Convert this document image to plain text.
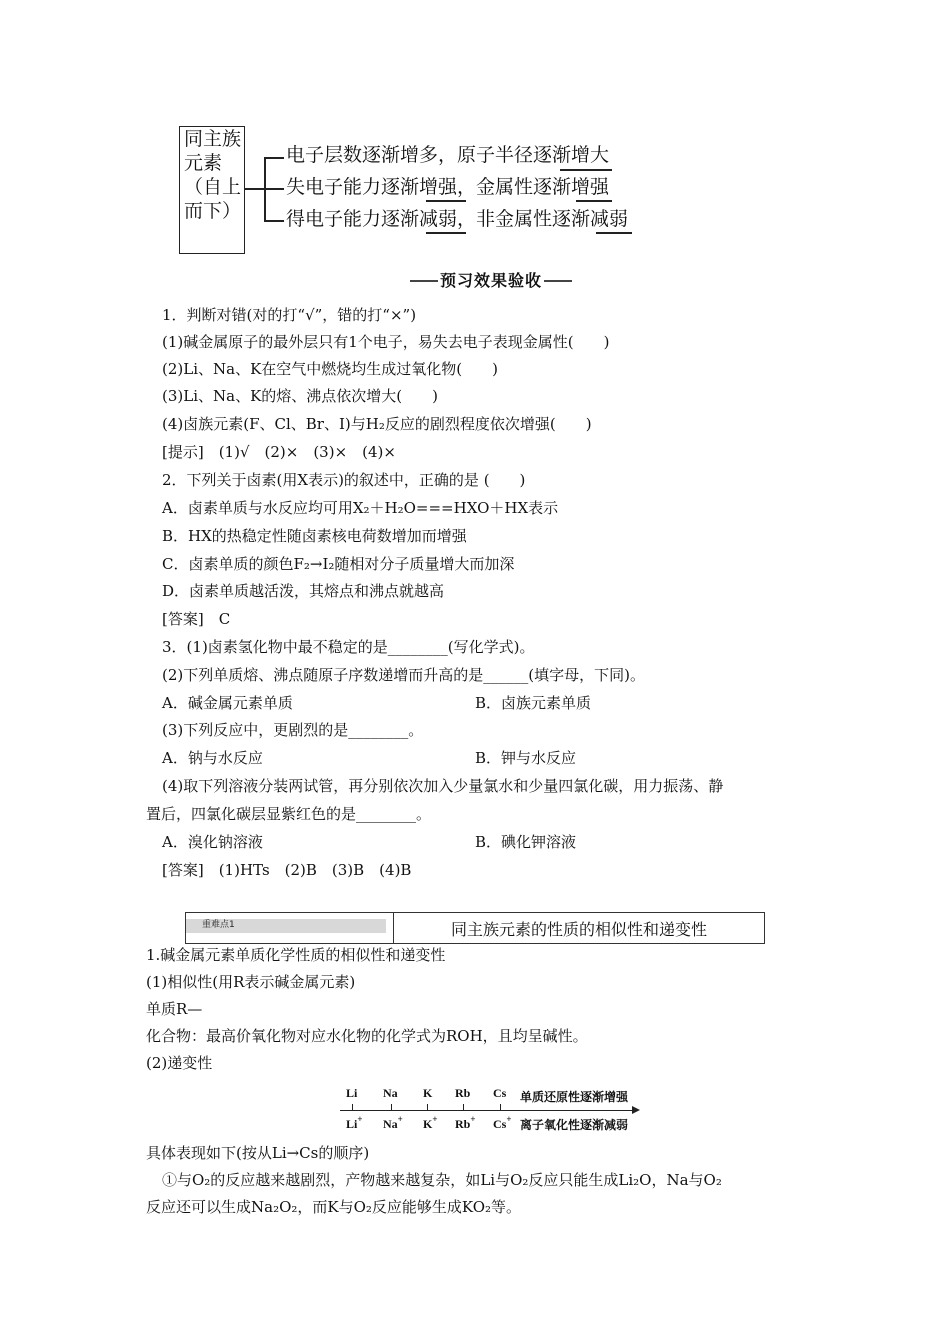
同主族
元素
（自上
而下）
电子层数逐渐增多，原子半径逐渐增大
失电子能力逐渐增强，金属性逐渐增强
得电子能力逐渐减弱，非金属性逐渐减弱
预习效果验收
1．判断对错(对的打“√”，错的打“×”)
(1)碱金属原子的最外层只有1个电子，易失去电子表现金属性(　　)
(2)Li、Na、K在空气中燃烧均生成过氧化物(　　)
(3)Li、Na、K的熔、沸点依次增大(　　)
(4)卤族元素(F、Cl、Br、I)与H₂反应的剧烈程度依次增强(　　)
[提示]　(1)√　(2)×　(3)×　(4)×
2．下列关于卤素(用X表示)的叙述中，正确的是 (　　)
A．卤素单质与水反应均可用X₂＋H₂O===HXO＋HX表示
B．HX的热稳定性随卤素核电荷数增加而增强
C．卤素单质的颜色F₂→I₂随相对分子质量增大而加深
D．卤素单质越活泼，其熔点和沸点就越高
[答案]　C
3．(1)卤素氢化物中最不稳定的是________(写化学式)。
(2)下列单质熔、沸点随原子序数递增而升高的是______(填字母，下同)。
A．碱金属元素单质	B．卤族元素单质
(3)下列反应中，更剧烈的是________。
A．钠与水反应	B．钾与水反应
(4)取下列溶液分装两试管，再分别依次加入少量氯水和少量四氯化碳，用力振荡、静
置后，四氯化碳层显紫红色的是________。
A．溴化钠溶液	B．碘化钾溶液
[答案]　(1)HTs　(2)B　(3)B　(4)B
重难点1	同主族元素的性质的相似性和递变性
1.碱金属元素单质化学性质的相似性和递变性
(1)相似性(用R表示碱金属元素)
单质R—
化合物：最高价氧化物对应水化物的化学式为ROH，且均呈碱性。
(2)递变性
Li Na K Rb Cs 单质还原性逐渐增强
Li+ Na+ K+ Rb+ Cs+ 离子氧化性逐渐减弱
具体表现如下(按从Li→Cs的顺序)
①与O₂的反应越来越剧烈，产物越来越复杂，如Li与O₂反应只能生成Li₂O，Na与O₂
反应还可以生成Na₂O₂，而K与O₂反应能够生成KO₂等。
